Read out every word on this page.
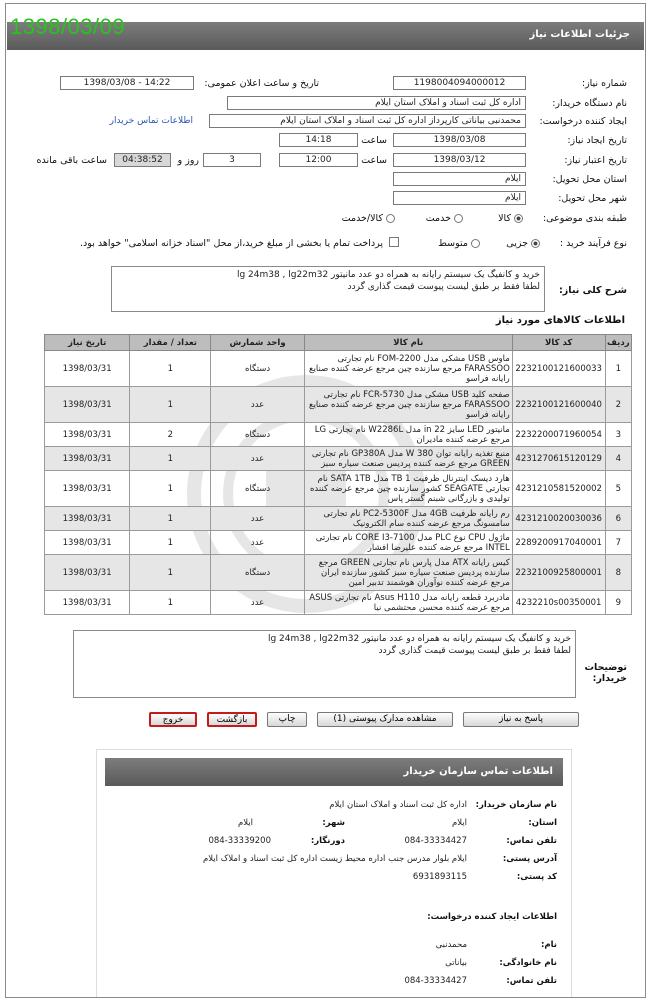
1398/03/09	جزئیات اطلاعات نیاز
شماره نیاز:
1198004094000012
تاریخ و ساعت اعلان عمومی:
1398/03/08 - 14:22
نام دستگاه خریدار:
اداره کل ثبت اسناد و املاک استان ایلام
ایجاد کننده درخواست:
محمدنبی بیاناتی کارپرداز اداره کل ثبت اسناد و املاک استان ایلام
اطلاعات تماس خریدار
تاریخ ایجاد نیاز:
1398/03/08
ساعت
14:18
تاریخ اعتبار نیاز:
1398/03/12
ساعت
12:00
3
روز و
04:38:52
ساعت باقی مانده
استان محل تحویل:
ایلام
شهر محل تحویل:
ایلام
طبقه بندی موضوعی:
کالا
خدمت
کالا/خدمت
نوع فرآیند خرید :
جزیی
متوسط
پرداخت تمام یا بخشی از مبلغ خرید،از محل "اسناد خزانه اسلامی" خواهد بود.
شرح کلی نیاز:
خرید و کانفیگ یک سیستم رایانه به همراه دو عدد مانیتور lg 24m38 , lg22m32
لطفا فقط بر طبق لیست پیوست قیمت گذاری گردد
اطلاعات کالاهای مورد نیاز
ردیف	کد کالا	نام کالا	واحد شمارش	تعداد / مقدار	تاریخ نیاز
1	2232100121600033	ماوس USB مشکی مدل FOM-2200 نام تجارتی FARASSOO مرجع سازنده چین مرجع عرضه کننده صنایع رایانه فراسو	دستگاه	1	1398/03/31
2	2232100121600040	صفحه کلید USB مشکی مدل FCR-5730 نام تجارتی FARASSOO مرجع سازنده چین مرجع عرضه کننده صنایع رایانه فراسو	عدد	1	1398/03/31
3	2232200071960054	مانیتور LED سایز 22 in مدل W2286L نام تجارتی LG مرجع عرضه کننده مادیران	دستگاه	2	1398/03/31
4	4231270615120129	منبع تغذیه رایانه توان 380 W مدل GP380A نام تجارتی GREEN مرجع عرضه کننده پردیس صنعت سیاره سبز	عدد	1	1398/03/31
5	4231210581520002	هارد دیسک اینترنال ظرفیت 1 TB مدل SATA 1TB نام تجارتی SEAGATE کشور سازنده چین مرجع عرضه کننده تولیدی و بازرگانی شبنم گستر پاس	دستگاه	1	1398/03/31
6	4231210020030036	رم رایانه ظرفیت 4GB مدل PC2-5300F نام تجارتی سامسونگ مرجع عرضه کننده سام الکترونیک	عدد	1	1398/03/31
7	2289200917040001	ماژول CPU نوع PLC مدل CORE I3-7100 نام تجارتی INTEL مرجع عرضه کننده علیرضا افشار	عدد	1	1398/03/31
8	2232100925800001	کیس رایانه ATX مدل پارس نام تجارتی GREEN مرجع سازنده پردیس صنعت سیاره سبز کشور سازنده ایران مرجع عرضه کننده نوآوران هوشمند تدبیر امین	دستگاه	1	1398/03/31
9	4232210s00350001	مادربرد قطعه رایانه مدل Asus H110 نام تجارتی ASUS مرجع عرضه کننده محسن محتشمی نیا	عدد	1	1398/03/31
توضیحات خریدار:
خرید و کانفیگ یک سیستم رایانه به همراه دو عدد مانیتور lg 24m38 , lg22m32
لطفا فقط بر طبق لیست پیوست قیمت گذاری گردد
پاسخ به نیاز
مشاهده مدارک پیوستی (1)
چاپ
بازگشت
خروج
اطلاعات تماس سازمان خریدار
نام سازمان خریدار:
اداره کل ثبت اسناد و املاک استان ایلام
استان:
ایلام
شهر:
ایلام
تلفن تماس:
084-33334427
دورنگار:
084-33339200
آدرس پستی:
ایلام بلوار مدرس جنب اداره محیط زیست اداره کل ثبت اسناد و املاک ایلام
کد پستی:
6931893115
اطلاعات ایجاد کننده درخواست:
نام:
محمدنبی
نام خانوادگی:
بیاناتی
تلفن تماس:
084-33334427
